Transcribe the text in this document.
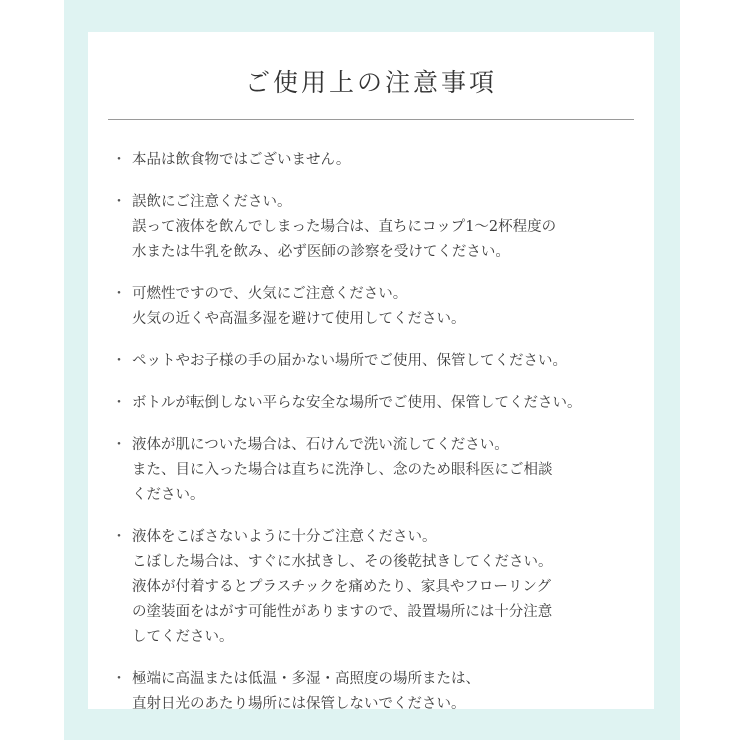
ご使用上の注意事項
・ 本品は飲食物ではございません。
・ 誤飲にご注意ください。
誤って液体を飲んでしまった場合は、直ちにコップ1～2杯程度の
水または牛乳を飲み、必ず医師の診察を受けてください。
・ 可燃性ですので、火気にご注意ください。
火気の近くや高温多湿を避けて使用してください。
・ ペットやお子様の手の届かない場所でご使用、保管してください。
・ ボトルが転倒しない平らな安全な場所でご使用、保管してください。
・ 液体が肌についた場合は、石けんで洗い流してください。
また、目に入った場合は直ちに洗浄し、念のため眼科医にご相談
ください。
・ 液体をこぼさないように十分ご注意ください。
こぼした場合は、すぐに水拭きし、その後乾拭きしてください。
液体が付着するとプラスチックを痛めたり、家具やフローリング
の塗装面をはがす可能性がありますので、設置場所には十分注意
してください。
・ 極端に高温または低温・多湿・高照度の場所または、
直射日光のあたり場所には保管しないでください。
